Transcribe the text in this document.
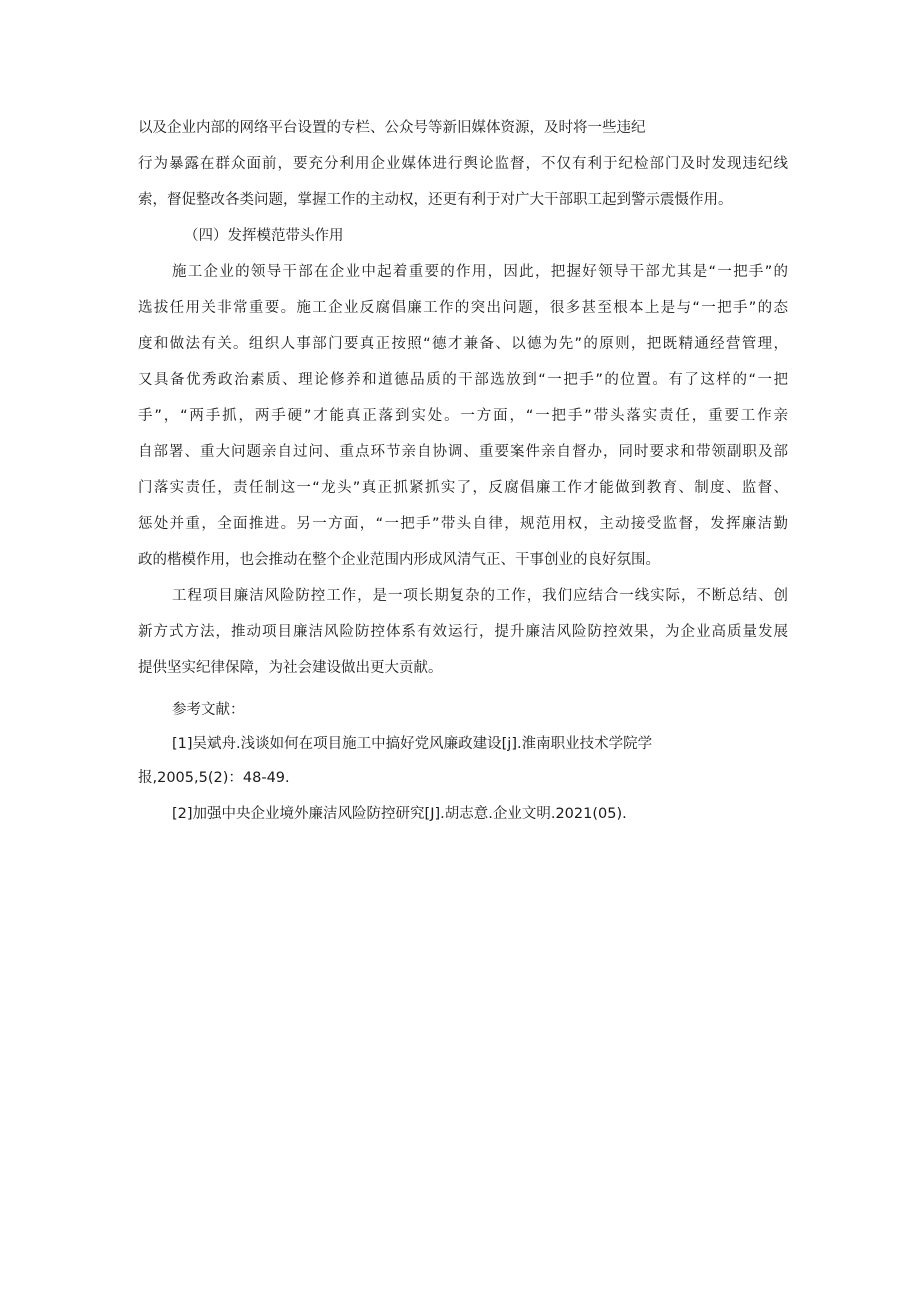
以及企业内部的网络平台设置的专栏、公众号等新旧媒体资源，及时将一些违纪
行为暴露在群众面前，要充分利用企业媒体进行舆论监督，不仅有利于纪检部门及时发现违纪线
索，督促整改各类问题，掌握工作的主动权，还更有利于对广大干部职工起到警示震慑作用。
（四）发挥模范带头作用
施工企业的领导干部在企业中起着重要的作用，因此，把握好领导干部尤其是“一把手”的
选拔任用关非常重要。施工企业反腐倡廉工作的突出问题，很多甚至根本上是与“一把手”的态
度和做法有关。组织人事部门要真正按照“德才兼备、以德为先”的原则，把既精通经营管理，
又具备优秀政治素质、理论修养和道德品质的干部选放到“一把手”的位置。有了这样的“一把
手”，“两手抓，两手硬”才能真正落到实处。一方面，“一把手”带头落实责任，重要工作亲
自部署、重大问题亲自过问、重点环节亲自协调、重要案件亲自督办，同时要求和带领副职及部
门落实责任，责任制这一“龙头”真正抓紧抓实了，反腐倡廉工作才能做到教育、制度、监督、
惩处并重，全面推进。另一方面，“一把手”带头自律，规范用权，主动接受监督，发挥廉洁勤
政的楷模作用，也会推动在整个企业范围内形成风清气正、干事创业的良好氛围。
工程项目廉洁风险防控工作，是一项长期复杂的工作，我们应结合一线实际，不断总结、创
新方式方法，推动项目廉洁风险防控体系有效运行，提升廉洁风险防控效果，为企业高质量发展
提供坚实纪律保障，为社会建设做出更大贡献。
参考文献：
[1]吴斌舟.浅谈如何在项目施工中搞好党风廉政建设[j].淮南职业技术学院学
报,2005,5(2)：48-49.
[2]加强中央企业境外廉洁风险防控研究[J].胡志意.企业文明.2021(05).
